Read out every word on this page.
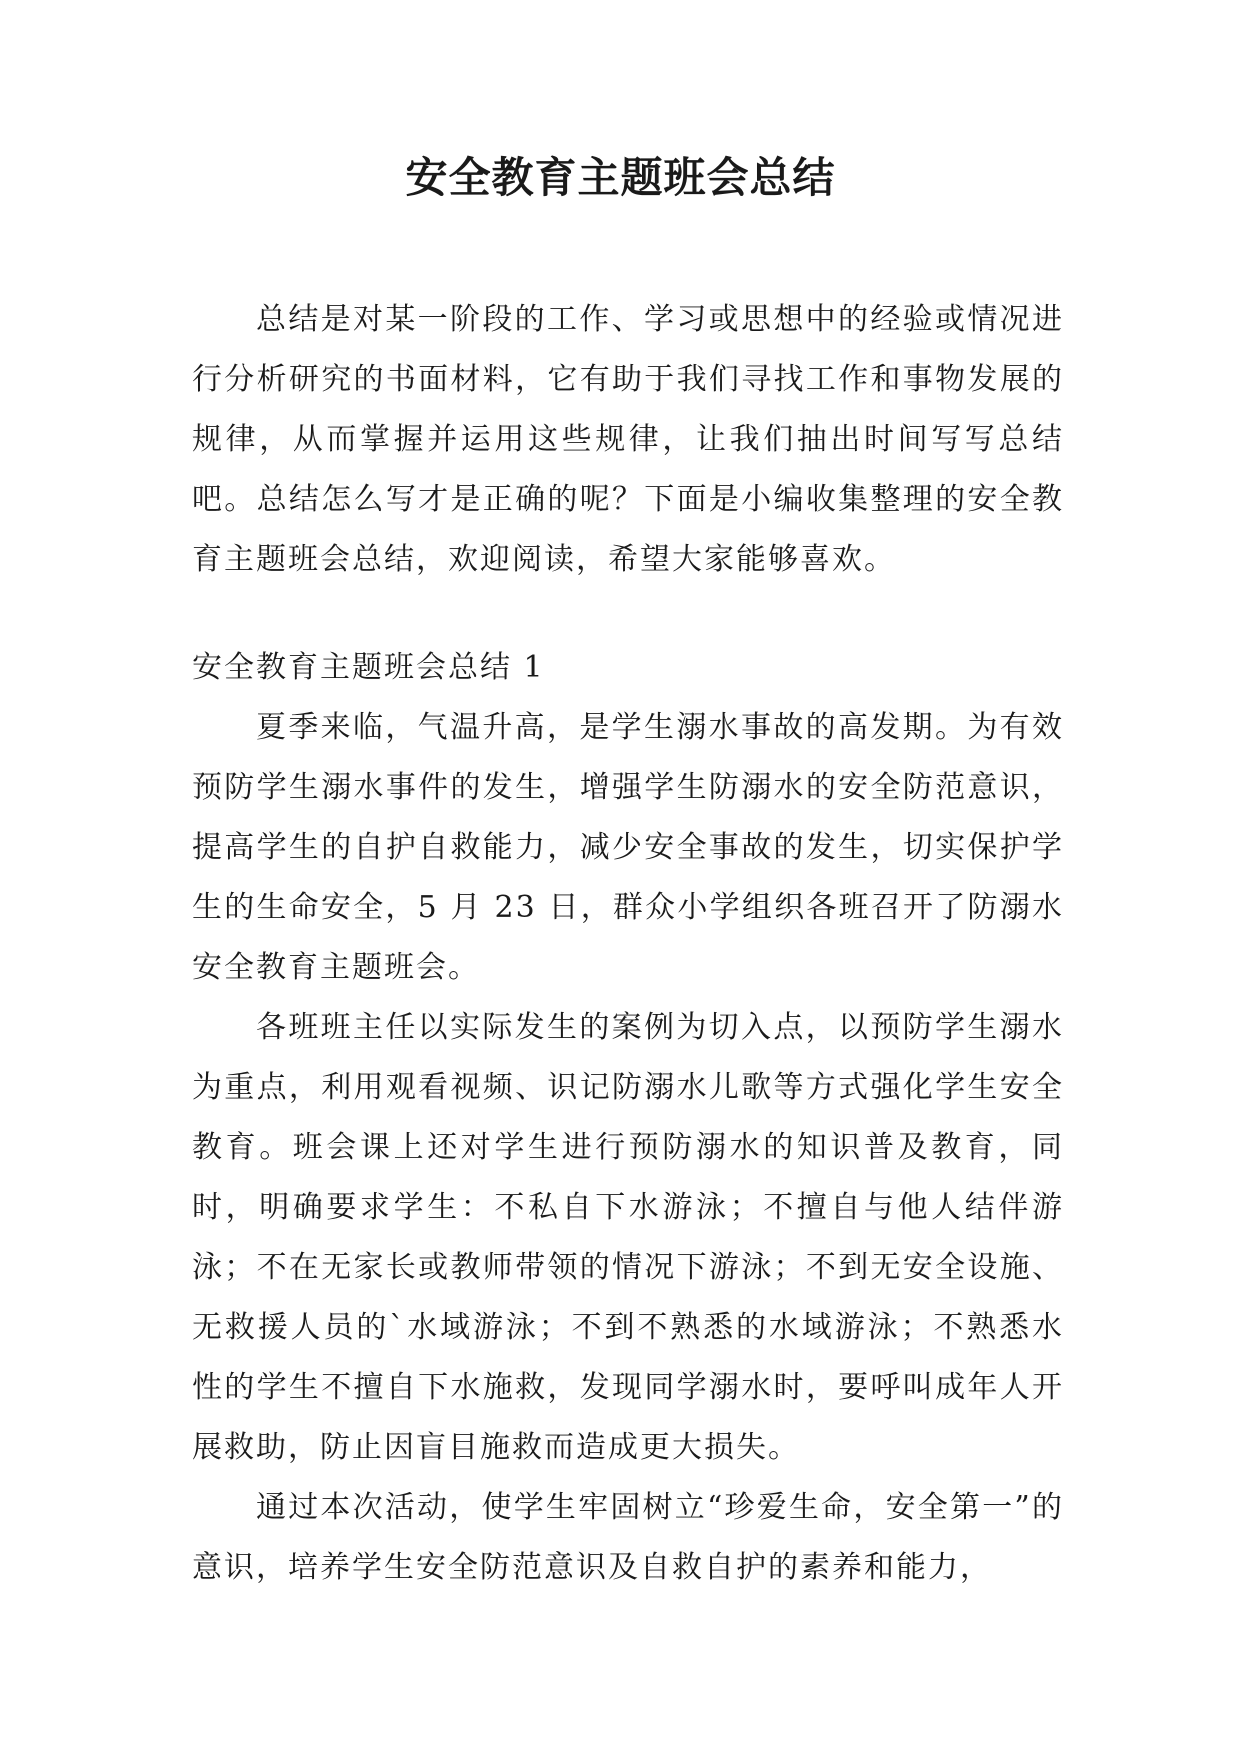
安全教育主题班会总结

总结是对某一阶段的工作、学习或思想中的经验或情况进行分析研究的书面材料，它有助于我们寻找工作和事物发展的规律，从而掌握并运用这些规律，让我们抽出时间写写总结吧。总结怎么写才是正确的呢？下面是小编收集整理的安全教育主题班会总结，欢迎阅读，希望大家能够喜欢。

安全教育主题班会总结 1

夏季来临，气温升高，是学生溺水事故的高发期。为有效预防学生溺水事件的发生，增强学生防溺水的安全防范意识，提高学生的自护自救能力，减少安全事故的发生，切实保护学生的生命安全，5 月 23 日，群众小学组织各班召开了防溺水安全教育主题班会。

各班班主任以实际发生的案例为切入点，以预防学生溺水为重点，利用观看视频、识记防溺水儿歌等方式强化学生安全教育。班会课上还对学生进行预防溺水的知识普及教育，同时，明确要求学生：不私自下水游泳；不擅自与他人结伴游泳；不在无家长或教师带领的情况下游泳；不到无安全设施、无救援人员的`水域游泳；不到不熟悉的水域游泳；不熟悉水性的学生不擅自下水施救，发现同学溺水时，要呼叫成年人开展救助，防止因盲目施救而造成更大损失。

通过本次活动，使学生牢固树立“珍爱生命，安全第一”的意识，培养学生安全防范意识及自救自护的素养和能力，
